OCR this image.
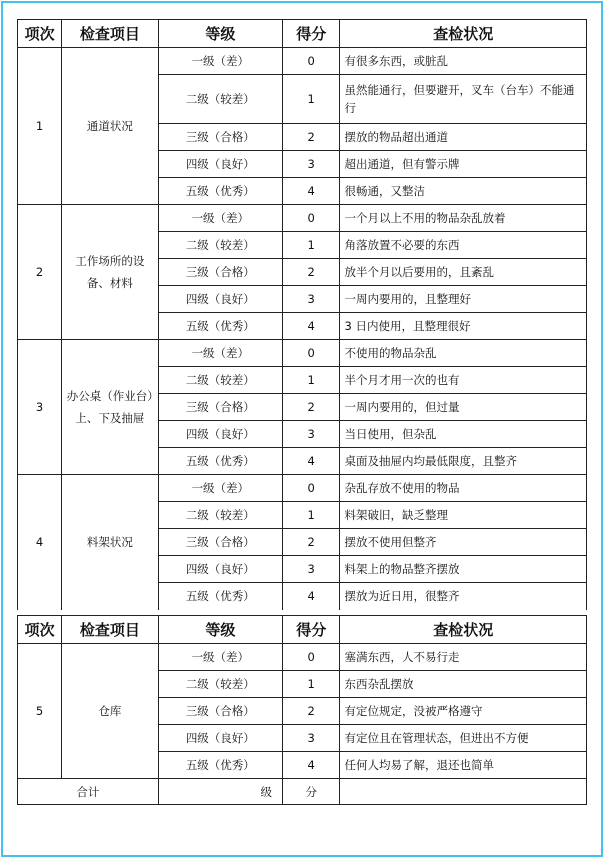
项次	检查项目	等级	得分	查检状况
1	通道状况	一级（差）	0	有很多东西，或脏乱
		二级（较差）	1	虽然能通行，但要避开，叉车（台车）不能通行
		三级（合格）	2	摆放的物品超出通道
		四级（良好）	3	超出通道，但有警示牌
		五级（优秀）	4	很畅通，又整洁
2	工作场所的设备、材料	一级（差）	0	一个月以上不用的物品杂乱放着
		二级（较差）	1	角落放置不必要的东西
		三级（合格）	2	放半个月以后要用的，且紊乱
		四级（良好）	3	一周内要用的，且整理好
		五级（优秀）	4	3 日内使用，且整理很好
3	办公桌（作业台）上、下及抽屉	一级（差）	0	不使用的物品杂乱
		二级（较差）	1	半个月才用一次的也有
		三级（合格）	2	一周内要用的，但过量
		四级（良好）	3	当日使用，但杂乱
		五级（优秀）	4	桌面及抽屉内均最低限度，且整齐
4	料架状况	一级（差）	0	杂乱存放不使用的物品
		二级（较差）	1	料架破旧，缺乏整理
		三级（合格）	2	摆放不使用但整齐
		四级（良好）	3	料架上的物品整齐摆放
		五级（优秀）	4	摆放为近日用，很整齐
项次	检查项目	等级	得分	查检状况
5	仓库	一级（差）	0	塞满东西，人不易行走
		二级（较差）	1	东西杂乱摆放
		三级（合格）	2	有定位规定，没被严格遵守
		四级（良好）	3	有定位且在管理状态，但进出不方便
		五级（优秀）	4	任何人均易了解，退还也简单
合计		级	分	
